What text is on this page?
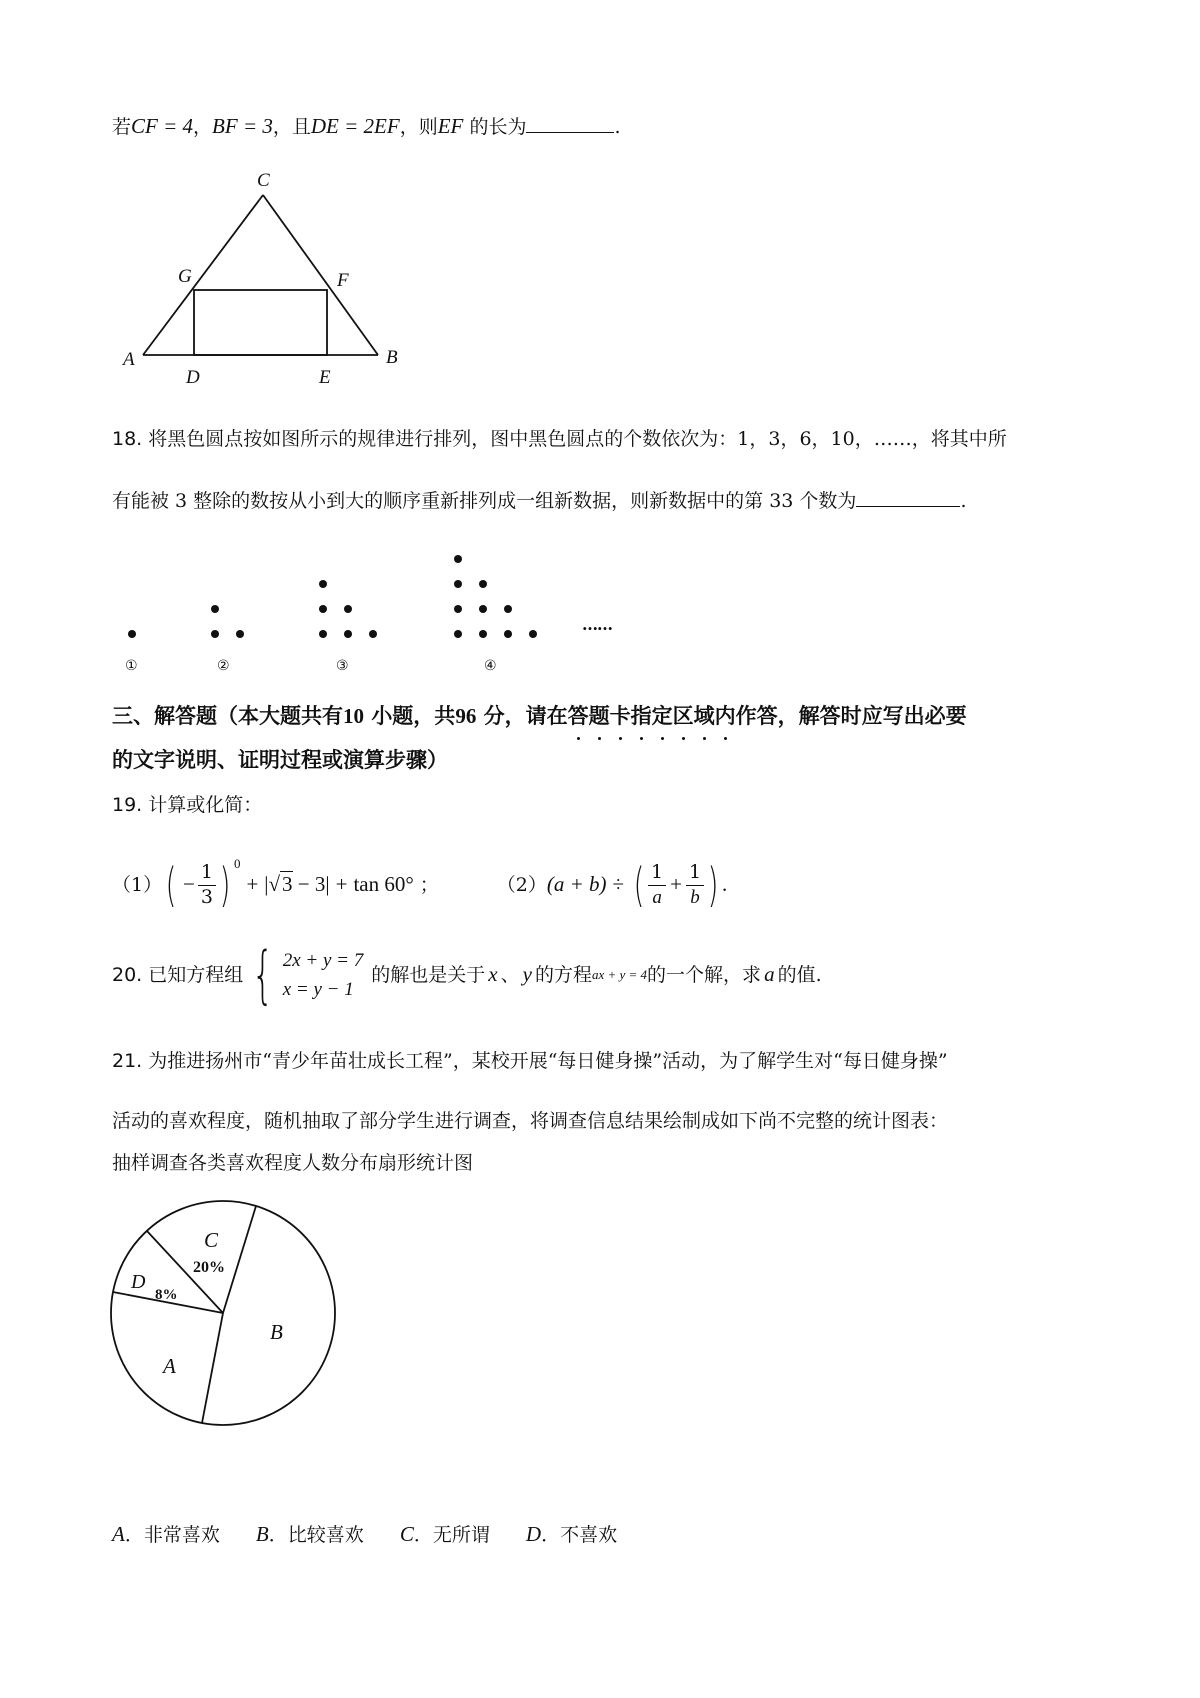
若CF = 4，BF = 3，且DE = 2EF，则EF 的长为	.
C
G	F
A	B
D	E
18. 将黑色圆点按如图所示的规律进行排列，图中黑色圆点的个数依次为：1，3，6，10，……，将其中所
有能被 3 整除的数按从小到大的顺序重新排列成一组新数据，则新数据中的第 33 个数为	.
……
①	②	③	④
三、解答题（本大题共有10 小题，共96 分，请在答题卡指定区域内作答，解答时应写出必要
的文字说明、证明过程或演算步骤）
19. 计算或化简：
（1） ( − $\frac{1}{3}$ ) 0
+ | √3 − 3 | + tan 60° ；	（2） (a + b) ÷ ( $\frac{1}{a} + \frac{1}{b}$ ) .
20.
已知方程组 { 2x + y = 7
x = y − 1
的解也是关于 x 、 y 的方程 ax + y = 4 的一个解，求 a 的值.
21. 为推进扬州市“青少年苗壮成长工程”，某校开展“每日健身操”活动，为了解学生对“每日健身操”
活动的喜欢程度，随机抽取了部分学生进行调查，将调查信息结果绘制成如下尚不完整的统计图表：
抽样调查各类喜欢程度人数分布扇形统计图
C
20%
D
8%
B
A
A．非常喜欢 B．比较喜欢 C．无所谓 D．不喜欢
